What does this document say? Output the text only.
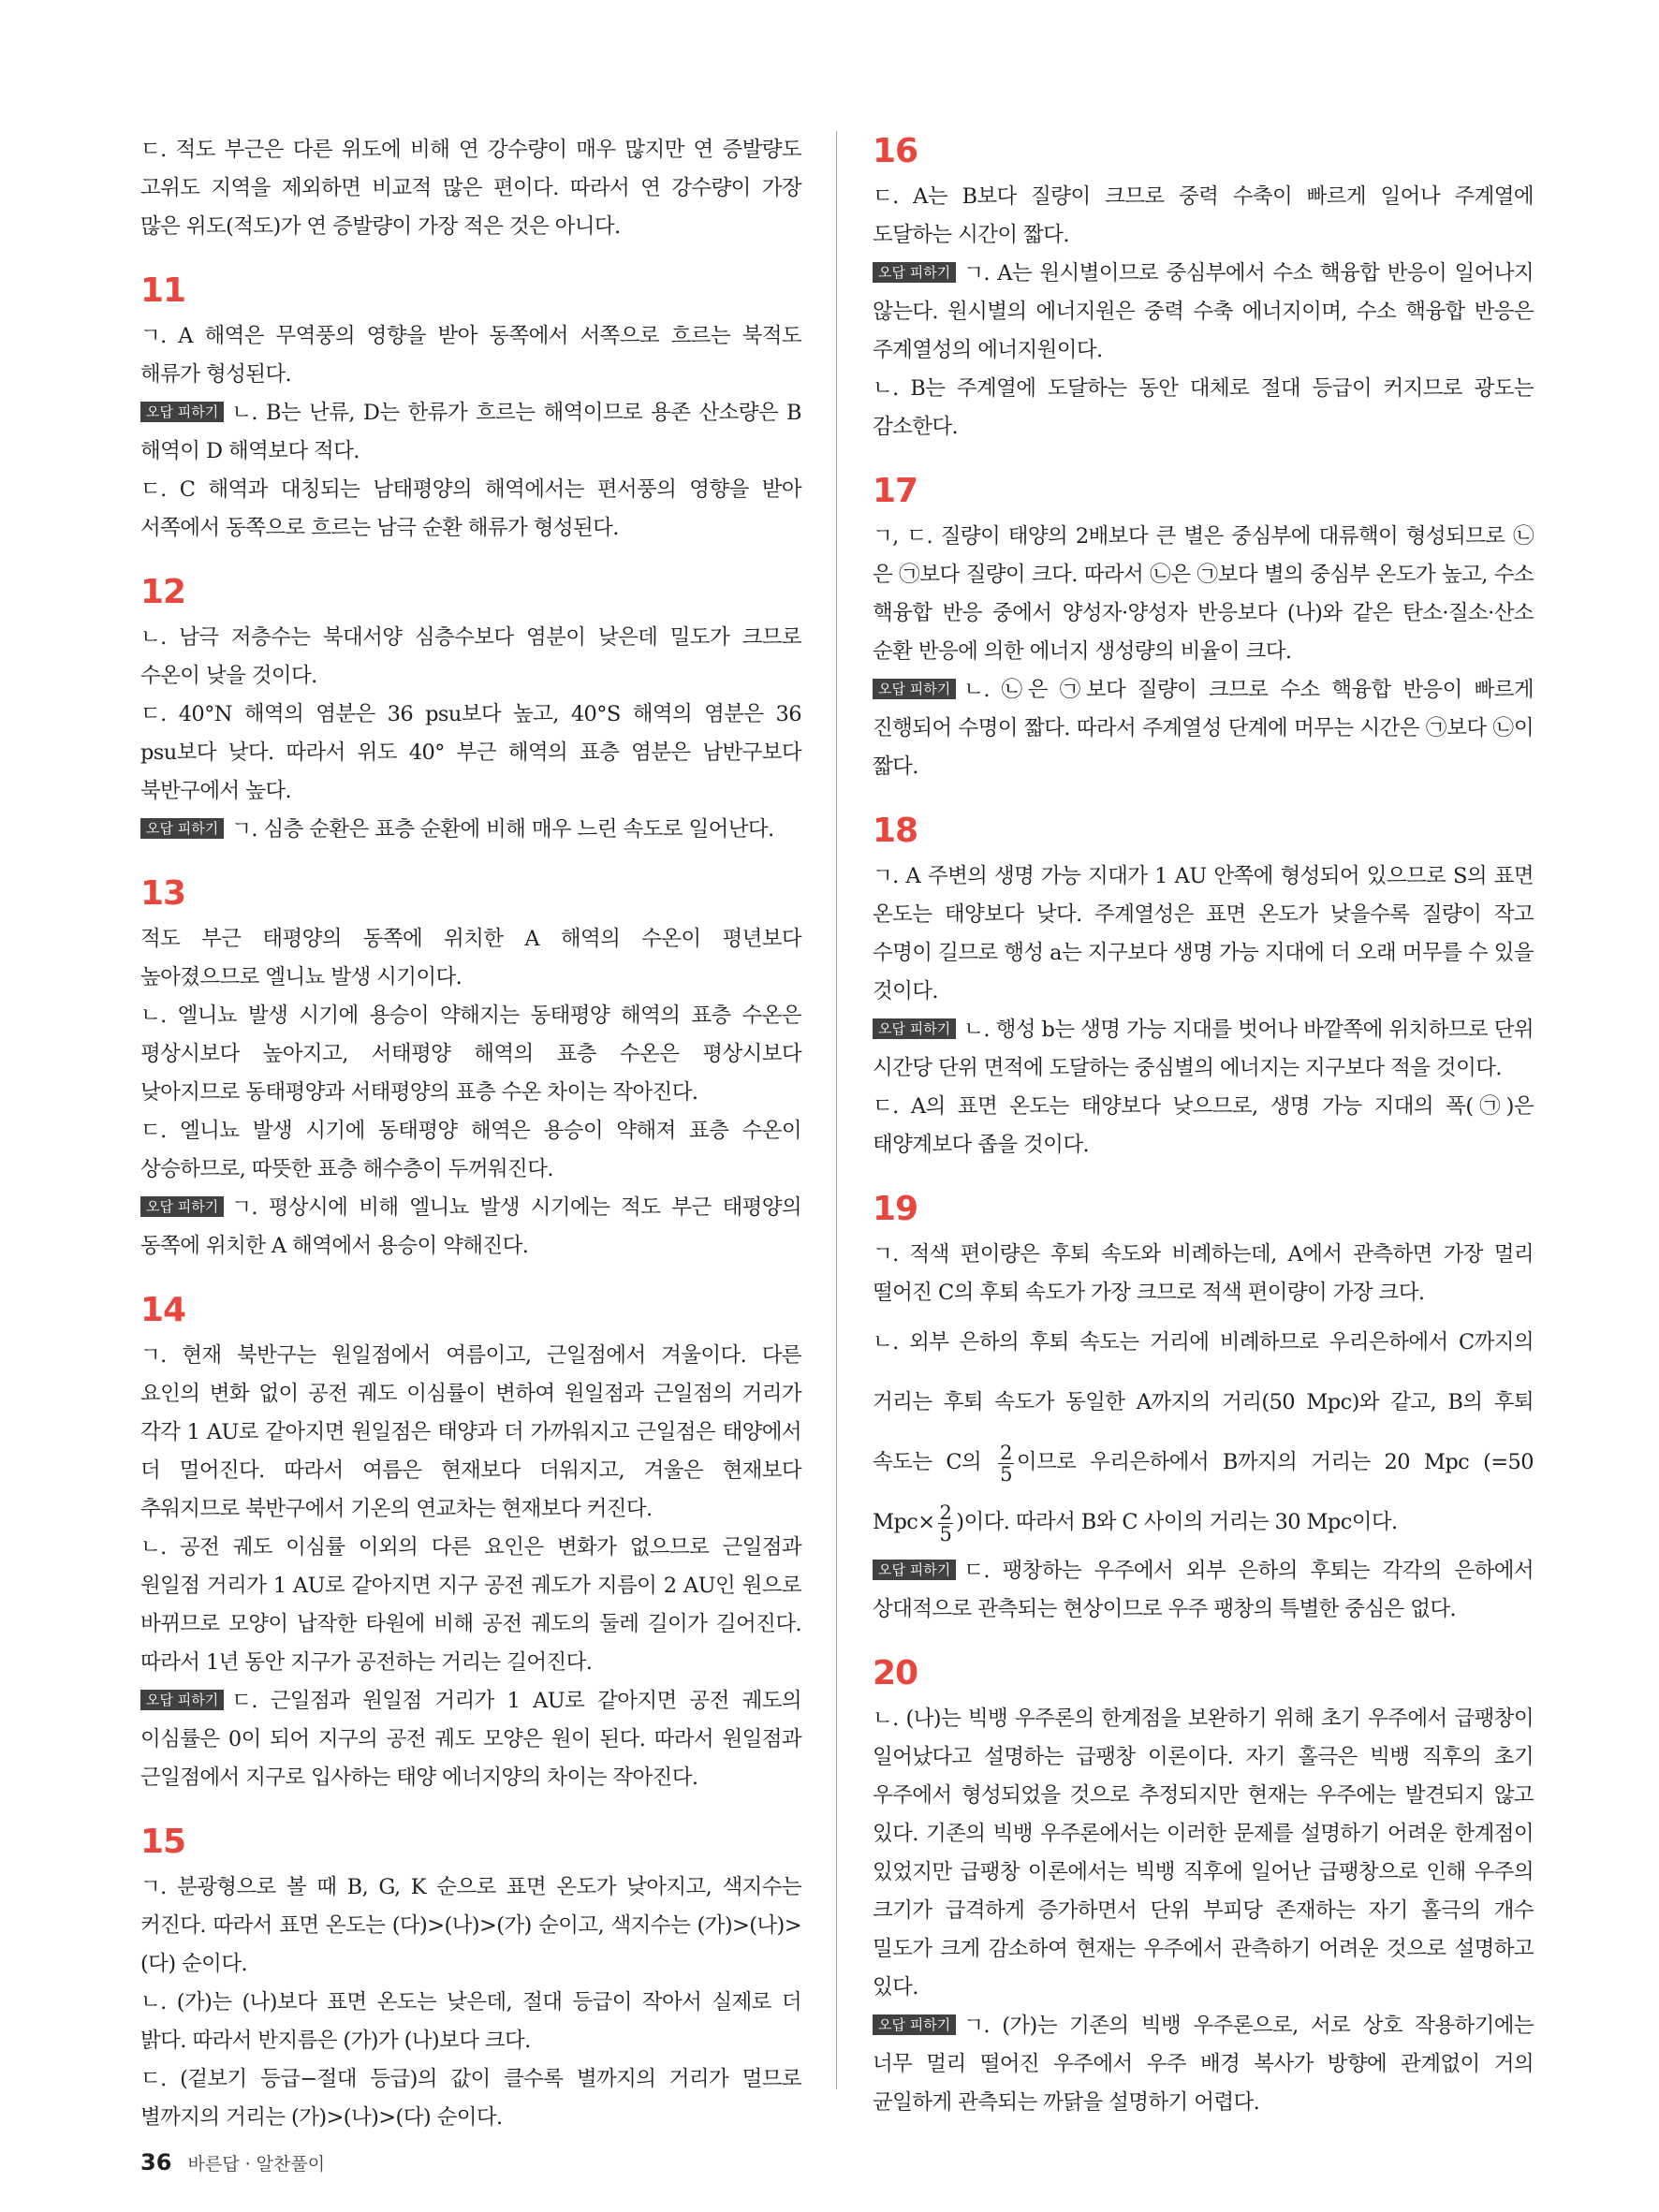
ㄷ. 적도 부근은 다른 위도에 비해 연 강수량이 매우 많지만 연 증발량도 고위도 지역을 제외하면 비교적 많은 편이다. 따라서 연 강수량이 가장 많은 위도(적도)가 연 증발량이 가장 적은 것은 아니다.

11

ㄱ. A 해역은 무역풍의 영향을 받아 동쪽에서 서쪽으로 흐르는 북적도 해류가 형성된다.

오답 피하기 ㄴ. B는 난류, D는 한류가 흐르는 해역이므로 용존 산소량은 B 해역이 D 해역보다 적다.

ㄷ. C 해역과 대칭되는 남태평양의 해역에서는 편서풍의 영향을 받아 서쪽에서 동쪽으로 흐르는 남극 순환 해류가 형성된다.

12

ㄴ. 남극 저층수는 북대서양 심층수보다 염분이 낮은데 밀도가 크므로 수온이 낮을 것이다.

ㄷ. 40°N 해역의 염분은 36 psu보다 높고, 40°S 해역의 염분은 36 psu보다 낮다. 따라서 위도 40° 부근 해역의 표층 염분은 남반구보다 북반구에서 높다.

오답 피하기 ㄱ. 심층 순환은 표층 순환에 비해 매우 느린 속도로 일어난다.

13

적도 부근 태평양의 동쪽에 위치한 A 해역의 수온이 평년보다 높아졌으므로 엘니뇨 발생 시기이다.

ㄴ. 엘니뇨 발생 시기에 용승이 약해지는 동태평양 해역의 표층 수온은 평상시보다 높아지고, 서태평양 해역의 표층 수온은 평상시보다 낮아지므로 동태평양과 서태평양의 표층 수온 차이는 작아진다.

ㄷ. 엘니뇨 발생 시기에 동태평양 해역은 용승이 약해져 표층 수온이 상승하므로, 따뜻한 표층 해수층이 두꺼워진다.

오답 피하기 ㄱ. 평상시에 비해 엘니뇨 발생 시기에는 적도 부근 태평양의 동쪽에 위치한 A 해역에서 용승이 약해진다.

14

ㄱ. 현재 북반구는 원일점에서 여름이고, 근일점에서 겨울이다. 다른 요인의 변화 없이 공전 궤도 이심률이 변하여 원일점과 근일점의 거리가 각각 1 AU로 같아지면 원일점은 태양과 더 가까워지고 근일점은 태양에서 더 멀어진다. 따라서 여름은 현재보다 더워지고, 겨울은 현재보다 추워지므로 북반구에서 기온의 연교차는 현재보다 커진다.

ㄴ. 공전 궤도 이심률 이외의 다른 요인은 변화가 없으므로 근일점과 원일점 거리가 1 AU로 같아지면 지구 공전 궤도가 지름이 2 AU인 원으로 바뀌므로 모양이 납작한 타원에 비해 공전 궤도의 둘레 길이가 길어진다. 따라서 1년 동안 지구가 공전하는 거리는 길어진다.

오답 피하기 ㄷ. 근일점과 원일점 거리가 1 AU로 같아지면 공전 궤도의 이심률은 0이 되어 지구의 공전 궤도 모양은 원이 된다. 따라서 원일점과 근일점에서 지구로 입사하는 태양 에너지양의 차이는 작아진다.

15

ㄱ. 분광형으로 볼 때 B, G, K 순으로 표면 온도가 낮아지고, 색지수는 커진다. 따라서 표면 온도는 (다)>(나)>(가) 순이고, 색지수는 (가)>(나)>(다) 순이다.

ㄴ. (가)는 (나)보다 표면 온도는 낮은데, 절대 등급이 작아서 실제로 더 밝다. 따라서 반지름은 (가)가 (나)보다 크다.

ㄷ. (겉보기 등급−절대 등급)의 값이 클수록 별까지의 거리가 멀므로 별까지의 거리는 (가)>(나)>(다) 순이다.

16

ㄷ. A는 B보다 질량이 크므로 중력 수축이 빠르게 일어나 주계열에 도달하는 시간이 짧다.

오답 피하기 ㄱ. A는 원시별이므로 중심부에서 수소 핵융합 반응이 일어나지 않는다. 원시별의 에너지원은 중력 수축 에너지이며, 수소 핵융합 반응은 주계열성의 에너지원이다.

ㄴ. B는 주계열에 도달하는 동안 대체로 절대 등급이 커지므로 광도는 감소한다.

17

ㄱ, ㄷ. 질량이 태양의 2배보다 큰 별은 중심부에 대류핵이 형성되므로 ㉡은 ㉠보다 질량이 크다. 따라서 ㉡은 ㉠보다 별의 중심부 온도가 높고, 수소 핵융합 반응 중에서 양성자·양성자 반응보다 (나)와 같은 탄소·질소·산소 순환 반응에 의한 에너지 생성량의 비율이 크다.

오답 피하기 ㄴ. ㉡은 ㉠보다 질량이 크므로 수소 핵융합 반응이 빠르게 진행되어 수명이 짧다. 따라서 주계열성 단계에 머무는 시간은 ㉠보다 ㉡이 짧다.

18

ㄱ. A 주변의 생명 가능 지대가 1 AU 안쪽에 형성되어 있으므로 S의 표면 온도는 태양보다 낮다. 주계열성은 표면 온도가 낮을수록 질량이 작고 수명이 길므로 행성 a는 지구보다 생명 가능 지대에 더 오래 머무를 수 있을 것이다.

오답 피하기 ㄴ. 행성 b는 생명 가능 지대를 벗어나 바깥쪽에 위치하므로 단위 시간당 단위 면적에 도달하는 중심별의 에너지는 지구보다 적을 것이다.

ㄷ. A의 표면 온도는 태양보다 낮으므로, 생명 가능 지대의 폭(㉠)은 태양계보다 좁을 것이다.

19

ㄱ. 적색 편이량은 후퇴 속도와 비례하는데, A에서 관측하면 가장 멀리 떨어진 C의 후퇴 속도가 가장 크므로 적색 편이량이 가장 크다.

ㄴ. 외부 은하의 후퇴 속도는 거리에 비례하므로 우리은하에서 C까지의 거리는 후퇴 속도가 동일한 A까지의 거리(50 Mpc)와 같고, B의 후퇴 속도는 C의 $\frac{2}{5}$ 이므로 우리은하에서 B까지의 거리는 20 Mpc (=50 $Mpc\times \frac{2}{5}$ )이다. 따라서 B와 C 사이의 거리는 30 Mpc이다.

오답 피하기 ㄷ. 팽창하는 우주에서 외부 은하의 후퇴는 각각의 은하에서 상대적으로 관측되는 현상이므로 우주 팽창의 특별한 중심은 없다.

20

ㄴ. (나)는 빅뱅 우주론의 한계점을 보완하기 위해 초기 우주에서 급팽창이 일어났다고 설명하는 급팽창 이론이다. 자기 홀극은 빅뱅 직후의 초기 우주에서 형성되었을 것으로 추정되지만 현재는 우주에는 발견되지 않고 있다. 기존의 빅뱅 우주론에서는 이러한 문제를 설명하기 어려운 한계점이 있었지만 급팽창 이론에서는 빅뱅 직후에 일어난 급팽창으로 인해 우주의 크기가 급격하게 증가하면서 단위 부피당 존재하는 자기 홀극의 개수 밀도가 크게 감소하여 현재는 우주에서 관측하기 어려운 것으로 설명하고 있다.

오답 피하기 ㄱ. (가)는 기존의 빅뱅 우주론으로, 서로 상호 작용하기에는 너무 멀리 떨어진 우주에서 우주 배경 복사가 방향에 관계없이 거의 균일하게 관측되는 까닭을 설명하기 어렵다.

36 바른답 · 알찬풀이
